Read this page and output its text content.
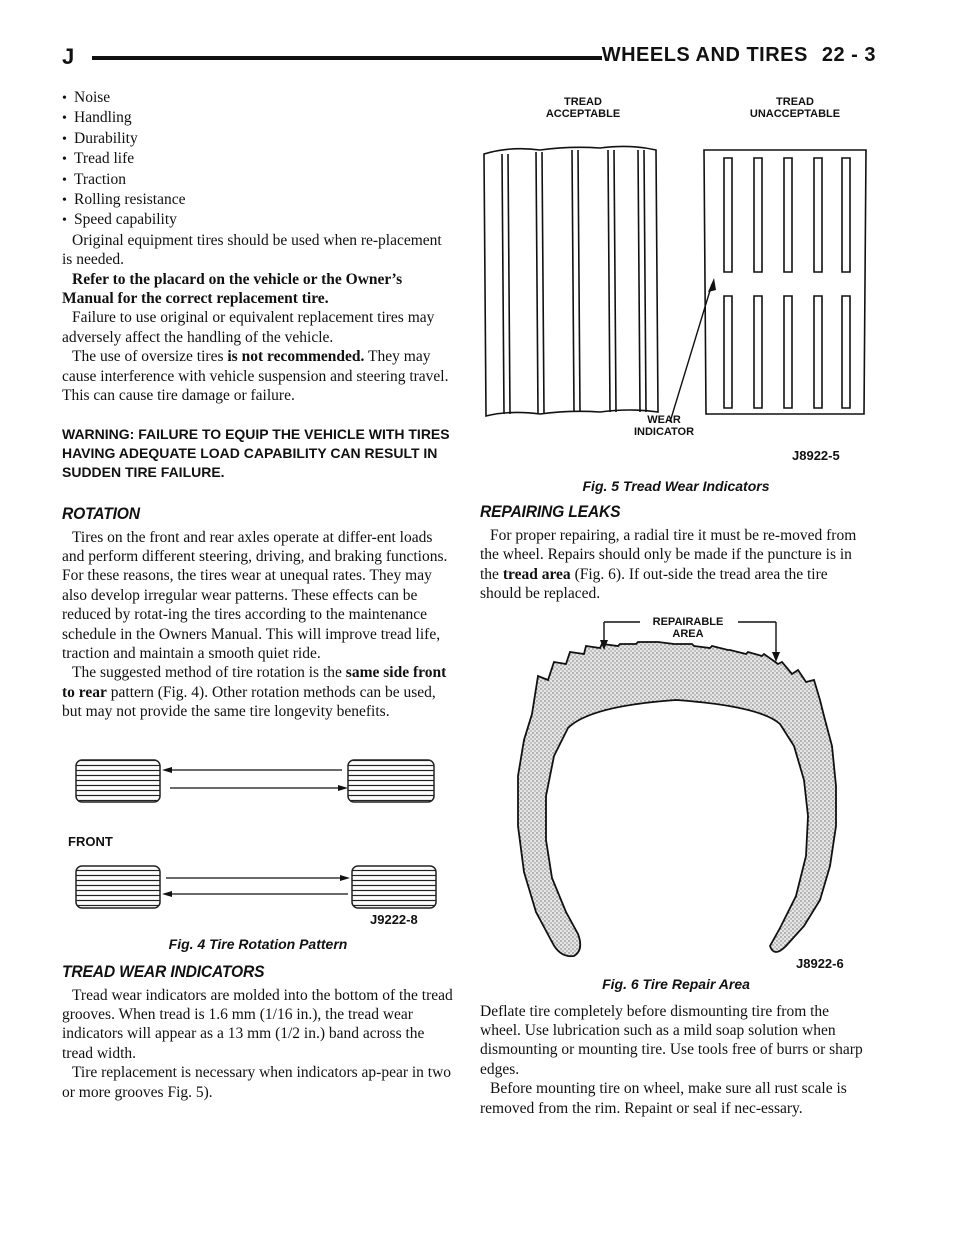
J	WHEELS AND TIRES 22 - 3
• Noise
• Handling
• Durability
• Tread life
• Traction
• Rolling resistance
• Speed capability

Original equipment tires should be used when re-placement is needed.

Refer to the placard on the vehicle or the Owner’s Manual for the correct replacement tire.

Failure to use original or equivalent replacement tires may adversely affect the handling of the vehicle.

The use of oversize tires is not recommended. They may cause interference with vehicle suspension and steering travel. This can cause tire damage or failure.

WARNING: FAILURE TO EQUIP THE VEHICLE WITH TIRES HAVING ADEQUATE LOAD CAPABILITY CAN RESULT IN SUDDEN TIRE FAILURE.
ROTATION

Tires on the front and rear axles operate at differ-ent loads and perform different steering, driving, and braking functions. For these reasons, the tires wear at unequal rates. They may also develop irregular wear patterns. These effects can be reduced by rotat-ing the tires according to the maintenance schedule in the Owners Manual. This will improve tread life, traction and maintain a smooth quiet ride.

The suggested method of tire rotation is the same side front to rear pattern (Fig. 4). Other rotation methods can be used, but may not provide the same tire longevity benefits.

FRONT
J9222-8
Fig. 4 Tire Rotation Pattern
TREAD WEAR INDICATORS

Tread wear indicators are molded into the bottom of the tread grooves. When tread is 1.6 mm (1/16 in.), the tread wear indicators will appear as a 13 mm (1/2 in.) band across the tread width.

Tire replacement is necessary when indicators ap-pear in two or more grooves Fig. 5).

TREAD ACCEPTABLE
TREAD UNACCEPTABLE
WEAR INDICATOR
J8922-5
Fig. 5 Tread Wear Indicators
REPAIRING LEAKS

For proper repairing, a radial tire it must be re-moved from the wheel. Repairs should only be made if the puncture is in the tread area (Fig. 6). If out-side the tread area the tire should be replaced.

REPAIRABLE AREA
J8922-6
Fig. 6 Tire Repair Area

Deflate tire completely before dismounting tire from the wheel. Use lubrication such as a mild soap solution when dismounting or mounting tire. Use tools free of burrs or sharp edges.

Before mounting tire on wheel, make sure all rust scale is removed from the rim. Repaint or seal if nec-essary.
